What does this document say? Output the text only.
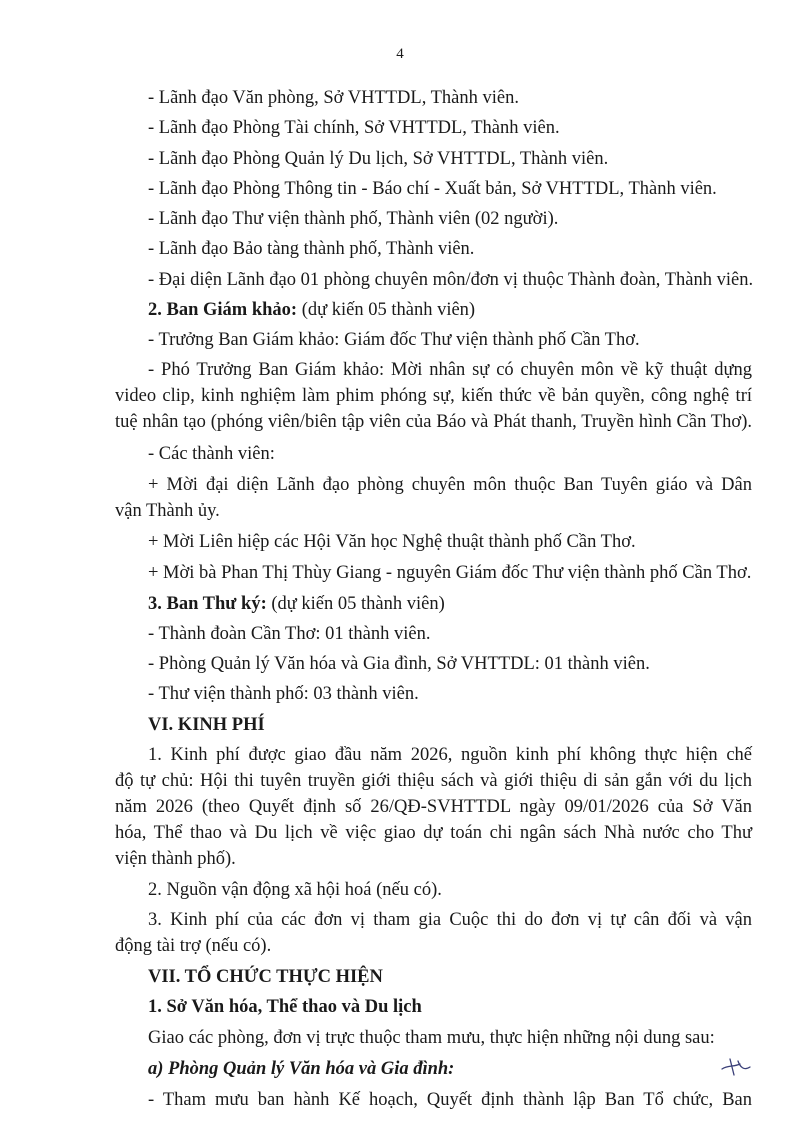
4
- Lãnh đạo Văn phòng, Sở VHTTDL, Thành viên.
- Lãnh đạo Phòng Tài chính, Sở VHTTDL, Thành viên.
- Lãnh đạo Phòng Quản lý Du lịch, Sở VHTTDL, Thành viên.
- Lãnh đạo Phòng Thông tin - Báo chí - Xuất bản, Sở VHTTDL, Thành viên.
- Lãnh đạo Thư viện thành phố, Thành viên (02 người).
- Lãnh đạo Bảo tàng thành phố, Thành viên.
- Đại diện Lãnh đạo 01 phòng chuyên môn/đơn vị thuộc Thành đoàn, Thành viên.
2. Ban Giám khảo: (dự kiến 05 thành viên)
- Trưởng Ban Giám khảo: Giám đốc Thư viện thành phố Cần Thơ.
- Phó Trưởng Ban Giám khảo: Mời nhân sự có chuyên môn về kỹ thuật dựng
video clip, kinh nghiệm làm phim phóng sự, kiến thức về bản quyền, công nghệ trí
tuệ nhân tạo (phóng viên/biên tập viên của Báo và Phát thanh, Truyền hình Cần Thơ).
- Các thành viên:
+ Mời đại diện Lãnh đạo phòng chuyên môn thuộc Ban Tuyên giáo và Dân
vận Thành ủy.
+ Mời Liên hiệp các Hội Văn học Nghệ thuật thành phố Cần Thơ.
+ Mời bà Phan Thị Thùy Giang - nguyên Giám đốc Thư viện thành phố Cần Thơ.
3. Ban Thư ký: (dự kiến 05 thành viên)
- Thành đoàn Cần Thơ: 01 thành viên.
- Phòng Quản lý Văn hóa và Gia đình, Sở VHTTDL: 01 thành viên.
- Thư viện thành phố: 03 thành viên.
VI. KINH PHÍ
1. Kinh phí được giao đầu năm 2026, nguồn kinh phí không thực hiện chế
độ tự chủ: Hội thi tuyên truyền giới thiệu sách và giới thiệu di sản gắn với du lịch
năm 2026 (theo Quyết định số 26/QĐ-SVHTTDL ngày 09/01/2026 của Sở Văn
hóa, Thể thao và Du lịch về việc giao dự toán chi ngân sách Nhà nước cho Thư
viện thành phố).
2. Nguồn vận động xã hội hoá (nếu có).
3. Kinh phí của các đơn vị tham gia Cuộc thi do đơn vị tự cân đối và vận
động tài trợ (nếu có).
VII. TỔ CHỨC THỰC HIỆN
1. Sở Văn hóa, Thể thao và Du lịch
Giao các phòng, đơn vị trực thuộc tham mưu, thực hiện những nội dung sau:
a) Phòng Quản lý Văn hóa và Gia đình:
- Tham mưu ban hành Kế hoạch, Quyết định thành lập Ban Tổ chức, Ban
